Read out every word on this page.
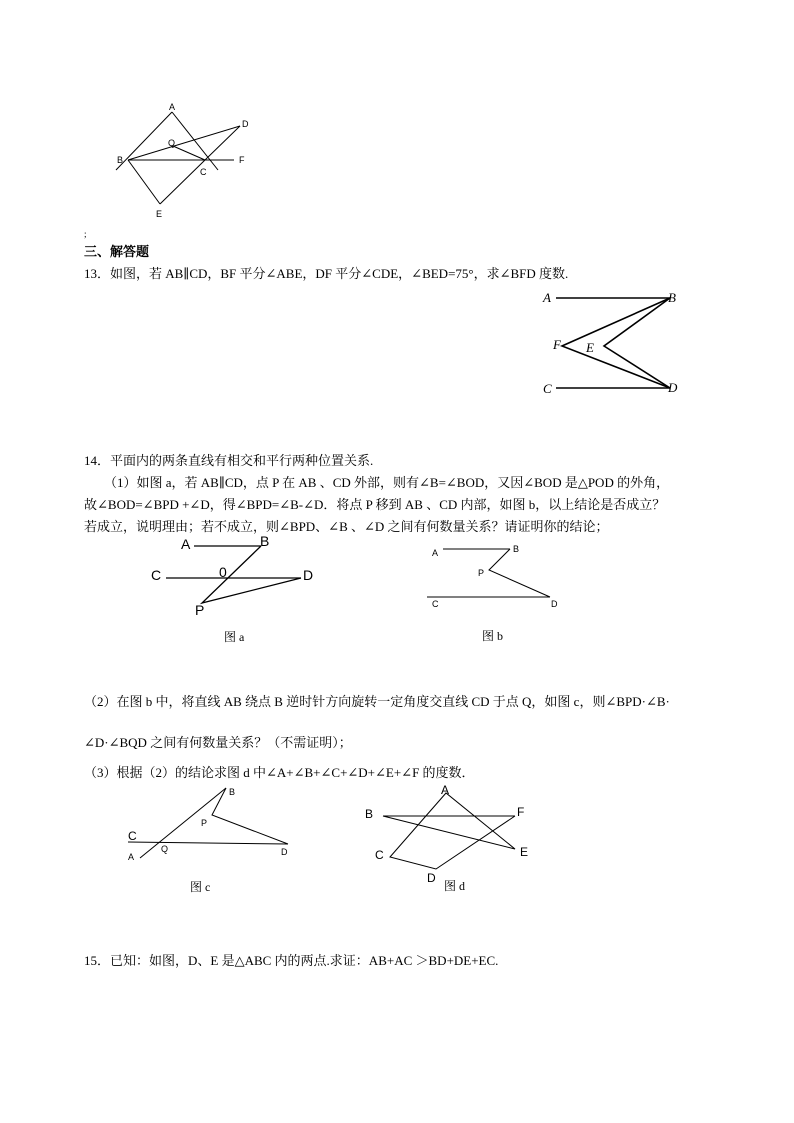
A
D
Q
B	F
C
E
;
三、解答题
13．如图，若 AB∥CD，BF 平分∠ABE，DF 平分∠CDE，∠BED=75°，求∠BFD 度数.
A	B
F E
C	D
14．平面内的两条直线有相交和平行两种位置关系.
（1）如图 a，若 AB∥CD，点 P 在 AB 、CD 外部，则有∠B=∠BOD，又因∠BOD 是△POD 的外角，
故∠BOD=∠BPD +∠D，得∠BPD=∠B-∠D．将点 P 移到 AB 、CD 内部，如图 b，以上结论是否成立？
若成立，说明理由；若不成立，则∠BPD、∠B 、∠D 之间有何数量关系？请证明你的结论；
A	B
C	0	D
P
图 a
A	B
P
C	D
图 b
（2）在图 b 中，将直线 AB 绕点 B 逆时针方向旋转一定角度交直线 CD 于点 Q，如图 c，则∠BPD·∠B·
∠D·∠BQD 之间有何数量关系？（不需证明）；
（3）根据（2）的结论求图 d 中∠A+∠B+∠C+∠D+∠E+∠F 的度数．
B
P
C
Q
A	D
图 c
A
B	F
C	E
D
图 d
15．已知：如图，D、E 是△ABC 内的两点.求证：AB+AC ＞BD+DE+EC.
